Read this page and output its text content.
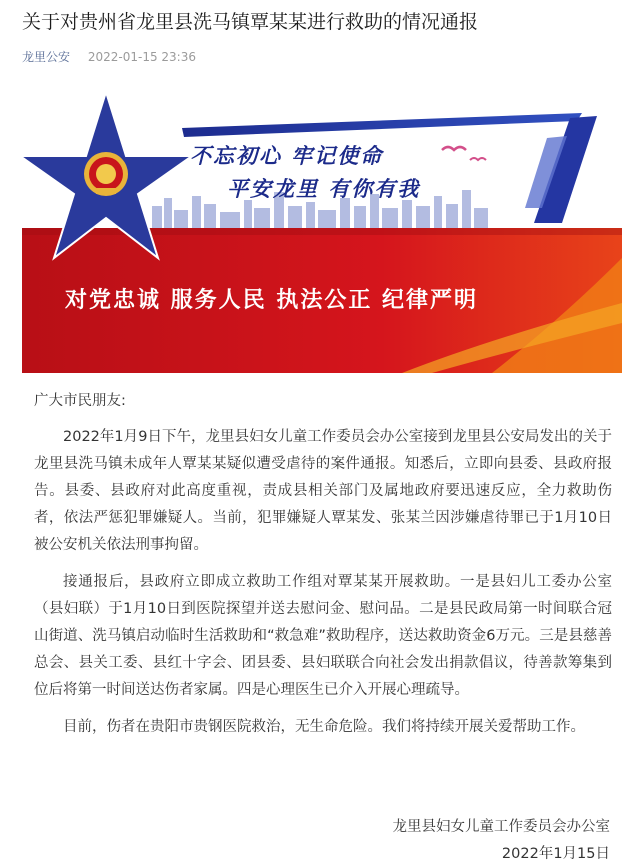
关于对贵州省龙里县洗马镇覃某某进行救助的情况通报
龙里公安 2022-01-15 23:36
不忘初心 牢记使命
平安龙里 有你有我
对党忠诚 服务人民 执法公正 纪律严明

广大市民朋友:

2022年1月9日下午，龙里县妇女儿童工作委员会办公室接到龙里县公安局发出的关于龙里县洗马镇未成年人覃某某疑似遭受虐待的案件通报。知悉后，立即向县委、县政府报告。县委、县政府对此高度重视，责成县相关部门及属地政府要迅速反应，全力救助伤者，依法严惩犯罪嫌疑人。当前，犯罪嫌疑人覃某发、张某兰因涉嫌虐待罪已于1月10日被公安机关依法刑事拘留。

接通报后，县政府立即成立救助工作组对覃某某开展救助。一是县妇儿工委办公室（县妇联）于1月10日到医院探望并送去慰问金、慰问品。二是县民政局第一时间联合冠山街道、洗马镇启动临时生活救助和“救急难”救助程序，送达救助资金6万元。三是县慈善总会、县关工委、县红十字会、团县委、县妇联联合向社会发出捐款倡议，待善款筹集到位后将第一时间送达伤者家属。四是心理医生已介入开展心理疏导。

目前，伤者在贵阳市贵钢医院救治，无生命危险。我们将持续开展关爱帮助工作。

龙里县妇女儿童工作委员会办公室
2022年1月15日
